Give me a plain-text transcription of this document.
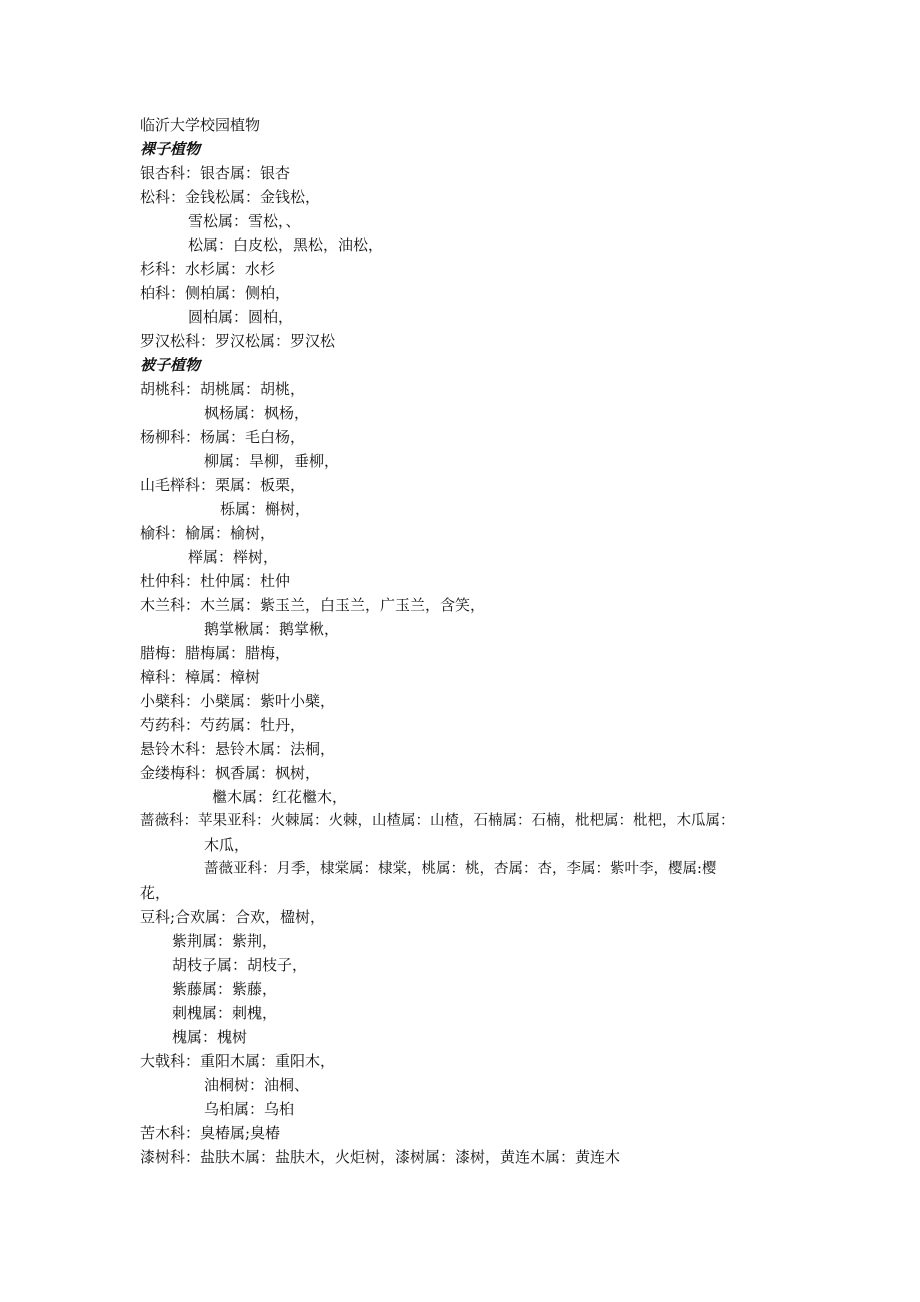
临沂大学校园植物
裸子植物
银杏科：银杏属：银杏
松科：金钱松属：金钱松，
雪松属：雪松，、
松属：白皮松，黑松，油松，
杉科：水杉属：水杉
柏科：侧柏属：侧柏，
圆柏属：圆柏，
罗汉松科：罗汉松属：罗汉松
被子植物
胡桃科：胡桃属：胡桃，
枫杨属：枫杨，
杨柳科：杨属：毛白杨，
柳属：旱柳，垂柳，
山毛榉科：栗属：板栗，
栎属：槲树，
榆科：榆属：榆树，
榉属：榉树，
杜仲科：杜仲属：杜仲
木兰科：木兰属：紫玉兰，白玉兰，广玉兰，含笑，
鹅掌楸属：鹅掌楸，
腊梅：腊梅属：腊梅，
樟科：樟属：樟树
小檗科：小檗属：紫叶小檗，
芍药科：芍药属：牡丹，
悬铃木科：悬铃木属：法桐，
金缕梅科：枫香属：枫树，
檵木属：红花檵木，
蔷薇科：苹果亚科：火棘属：火棘，山楂属：山楂，石楠属：石楠，枇杷属：枇杷，木瓜属：
木瓜，
蔷薇亚科：月季，棣棠属：棣棠，桃属：桃，杏属：杏，李属：紫叶李，樱属:樱
花，
豆科;合欢属：合欢，楹树，
紫荆属：紫荆，
胡枝子属：胡枝子，
紫藤属：紫藤，
刺槐属：刺槐，
槐属：槐树
大戟科：重阳木属：重阳木，
油桐树：油桐、
乌桕属：乌桕
苦木科：臭椿属;臭椿
漆树科：盐肤木属：盐肤木，火炬树，漆树属：漆树，黄连木属：黄连木
